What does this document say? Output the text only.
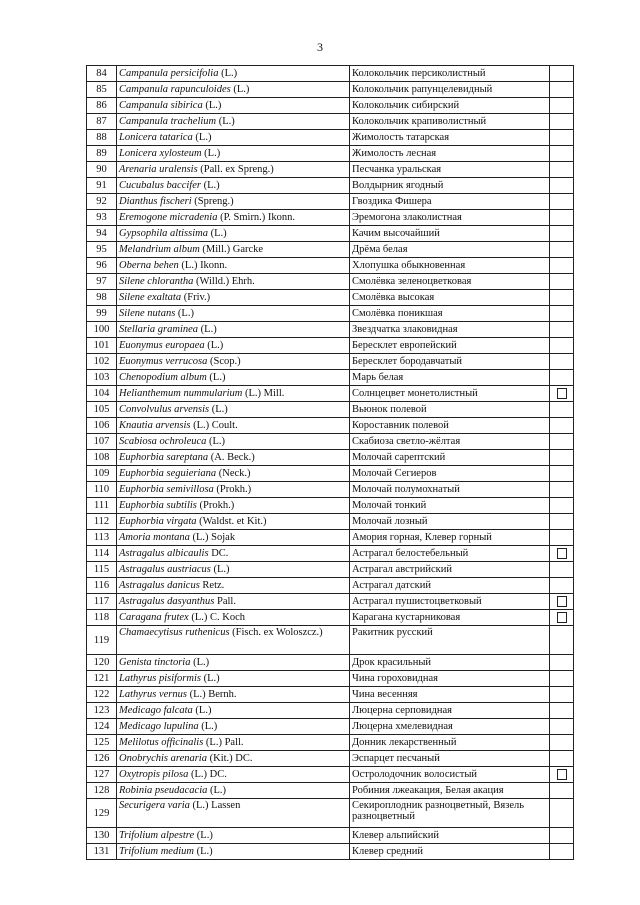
3
84	Campanula persicifolia (L.)	Колокольчик персиколистный	
85	Campanula rapunculoides (L.)	Колокольчик рапунцелевидный	
86	Campanula sibirica (L.)	Колокольчик сибирский	
87	Campanula trachelium (L.)	Колокольчик крапиволистный	
88	Lonicera tatarica (L.)	Жимолость татарская	
89	Lonicera xylosteum (L.)	Жимолость лесная	
90	Arenaria uralensis (Pall. ex Spreng.)	Песчанка уральская	
91	Cucubalus baccifer (L.)	Волдырник ягодный	
92	Dianthus fischeri (Spreng.)	Гвоздика Фишера	
93	Eremogone micradenia (P. Smirn.) Ikonn.	Эремогона злаколистная	
94	Gypsophila altissima (L.)	Качим высочайший	
95	Melandrium album (Mill.) Garcke	Дрёма белая	
96	Oberna behen (L.) Ikonn.	Хлопушка обыкновенная	
97	Silene chlorantha (Willd.) Ehrh.	Смолёвка зеленоцветковая	
98	Silene exaltata (Friv.)	Смолёвка высокая	
99	Silene nutans (L.)	Смолёвка поникшая	
100	Stellaria graminea (L.)	Звездчатка злаковидная	
101	Euonymus europaea (L.)	Бересклет европейский	
102	Euonymus verrucosa (Scop.)	Бересклет бородавчатый	
103	Chenopodium album (L.)	Марь белая	
104	Helianthemum nummularium (L.) Mill.	Солнцецвет монетолистный	
105	Convolvulus arvensis (L.)	Вьюнок полевой	
106	Knautia arvensis (L.) Coult.	Короставник полевой	
107	Scabiosa ochroleuca (L.)	Скабиоза светло-жёлтая	
108	Euphorbia sareptana (A. Beck.)	Молочай сарептский	
109	Euphorbia seguieriana (Neck.)	Молочай Сегиеров	
110	Euphorbia semivillosa (Prokh.)	Молочай полумохнатый	
111	Euphorbia subtilis (Prokh.)	Молочай тонкий	
112	Euphorbia virgata (Waldst. et Kit.)	Молочай лозный	
113	Amoria montana (L.) Sojak	Амория горная, Клевер горный	
114	Astragalus albicaulis DC.	Астрагал белостебельный	
115	Astragalus austriacus (L.)	Астрагал австрийский	
116	Astragalus danicus Retz.	Астрагал датский	
117	Astragalus dasyanthus Pall.	Астрагал пушистоцветковый	
118	Caragana frutex (L.) C. Koch	Карагана кустарниковая	
119	Chamaecytisus ruthenicus (Fisch. ex Woloszcz.)	Ракитник русский	
120	Genista tinctoria (L.)	Дрок красильный	
121	Lathyrus pisiformis (L.)	Чина гороховидная	
122	Lathyrus vernus (L.) Bernh.	Чина весенняя	
123	Medicago falcata (L.)	Люцерна серповидная	
124	Medicago lupulina (L.)	Люцерна хмелевидная	
125	Melilotus officinalis (L.) Pall.	Донник лекарственный	
126	Onobrychis arenaria (Kit.) DC.	Эспарцет песчаный	
127	Oxytropis pilosa (L.) DC.	Остролодочник волосистый	
128	Robinia pseudacacia (L.)	Робиния лжеакация, Белая акация	
129	Securigera varia (L.) Lassen	Секироплодник разноцветный, Вязель разноцветный	
130	Trifolium alpestre (L.)	Клевер альпийский	
131	Trifolium medium (L.)	Клевер средний	
